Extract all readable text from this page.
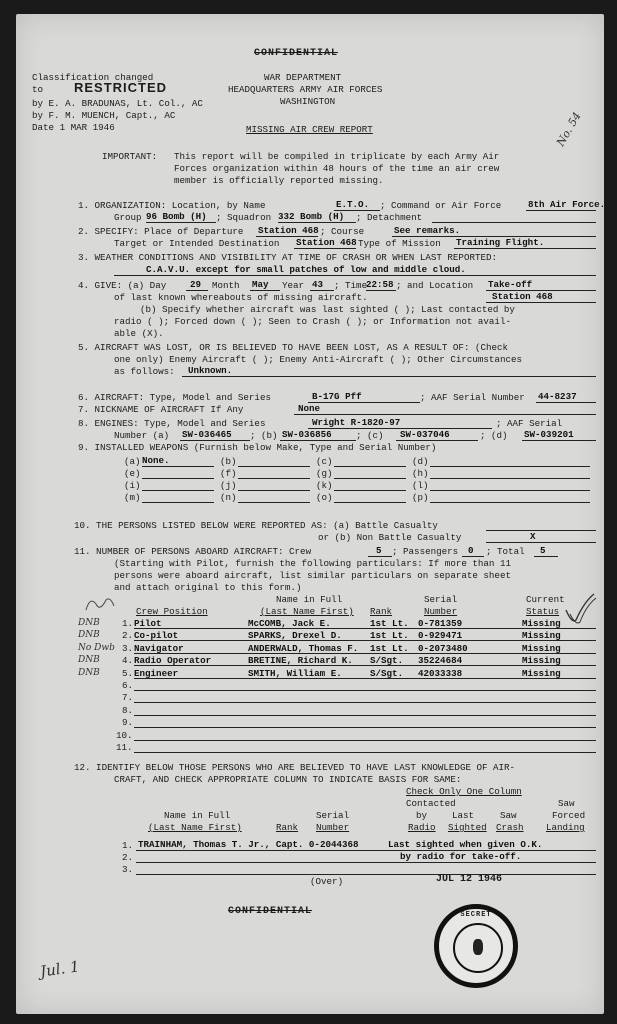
CONFIDENTIAL
Classification changed
to RESTRICTED
by E. A. BRADUNAS, Lt. Col., AC
by F. M. MUENCH, Capt., AC
Date 1 MAR 1946
WAR DEPARTMENT
HEADQUARTERS ARMY AIR FORCES
WASHINGTON
MISSING AIR CREW REPORT	No. 54
IMPORTANT: This report will be compiled in triplicate by each Army Air
Forces organization within 48 hours of the time an air crew
member is officially reported missing.
1. ORGANIZATION: Location, by Name	E.T.O. ; Command or Air Force	8th Air Force.
Group 96 Bomb (H) ; Squadron 332 Bomb (H) ; Detachment
2. SPECIFY: Place of Departure Station 468 ; Course	See remarks.
Target or Intended Destination Station 468 Type of Mission Training Flight.
3. WEATHER CONDITIONS AND VISIBILITY AT TIME OF CRASH OR WHEN LAST REPORTED:
C.A.V.U. except for small patches of low and middle cloud.
4. GIVE: (a) Day	29 Month May Year 43 ; Time
22:58 ; and Location Take-off
of last known whereabouts of missing aircraft.	Station 468
(b) Specify whether aircraft was last sighted ( ); Last contacted by
radio ( ); Forced down ( ); Seen to Crash ( ); or Information not avail-
able (X).
5. AIRCRAFT WAS LOST, OR IS BELIEVED TO HAVE BEEN LOST, AS A RESULT OF: (Check
one only) Enemy Aircraft ( ); Enemy Anti-Aircraft ( ); Other Circumstances
as follows: Unknown.
6. AIRCRAFT: Type, Model and Series	B-17G Pff	; AAF Serial Number 44-8237
7. NICKNAME OF AIRCRAFT If Any	None
8. ENGINES: Type, Model and Series	Wright R-1820-97	; AAF Serial
Number (a) SW-036465 ; (b) SW-036856	; (c) SW-037046	; (d) SW-039201
9. INSTALLED WEAPONS (Furnish below Make, Type and Serial Number)
(a)	(b)	(c)	(d)
(e)	(f)	(g)	(h)
(i)	(j)	(k)	(l)
(m)	(n)	(o)	(p)
None.
10. THE PERSONS LISTED BELOW WERE REPORTED AS: (a) Battle Casualty
or (b) Non Battle Casualty	X
11. NUMBER OF PERSONS ABOARD AIRCRAFT: Crew	5 ; Passengers 0 ; Total 5
(Starting with Pilot, furnish the following particulars: If more than 11
persons were aboard aircraft, list similar particulars on separate sheet
and attach original to this form.)
Name in Full	Serial	Current
Crew Position	(Last Name First) Rank	Number	Status
DNB 1. Pilot	McCOMB, Jack E.	1st Lt. 0-781359	Missing
DNB 2. Co-pilot	SPARKS, Drexel D.	1st Lt. 0-929471	Missing
No Dwb 3. Navigator	ANDERWALD, Thomas F. 1st Lt. 0-2073480	Missing
DNB 4. Radio Operator	BRETINE, Richard K. S/Sgt. 35224684	Missing
DNB 5. Engineer	SMITH, William E.	S/Sgt. 42033338	Missing
6.
7.
8.
9.
10.
11.
12. IDENTIFY BELOW THOSE PERSONS WHO ARE BELIEVED TO HAVE LAST KNOWLEDGE OF AIR-
CRAFT, AND CHECK APPROPRIATE COLUMN TO INDICATE BASIS FOR SAME:
Check Only One Column
Contacted	Saw
Name in Full	Serial	by	Last	Saw	Forced
(Last Name First)	Rank Number	Radio Sighted Crash Landing
1. TRAINHAM, Thomas T. Jr., Capt. 0-2044368	Last sighted when given O.K.
2.	by radio for take-off.
3.
(Over)	JUL 12 1946
CONFIDENTIAL
Jul. 1
SECRET
